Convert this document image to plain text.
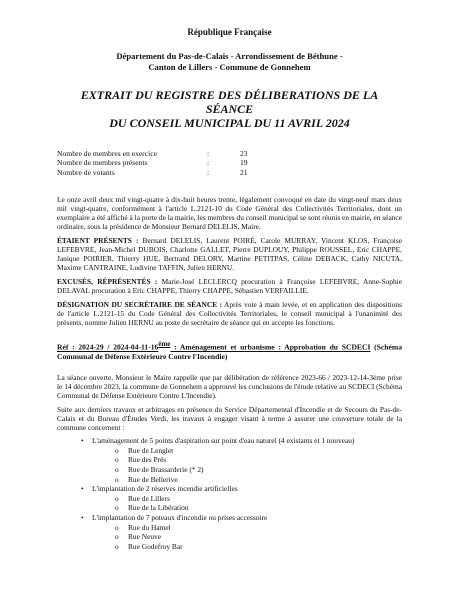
République Française
Département du Pas-de-Calais - Arrondissement de Béthune -
Canton de Lillers - Commune de Gonnehem
EXTRAIT DU REGISTRE DES DÉLIBERATIONS DE LA SÉANCE
DU CONSEIL MUNICIPAL DU 11 AVRIL 2024
Nombre de membres en exercice	:	23
Nombre de membres présents	:	19
Nombre de votants	:	21
Le onze avril deux mil vingt-quatre à dix-huit heures trente, légalement convoqué en date du vingt-neuf mars deux mil vingt-quatre, conformément à l'article L.2121-10 du Code Général des Collectivités Territoriales, dont un exemplaire a été affiché à la porte de la mairie, les membres du conseil municipal se sont réunis en mairie, en séance ordinaire, sous la présidence de Monsieur Bernard DELELIS, Maire.
ÉTAIENT PRÉSENTS : Bernard DELELIS, Laurent POIRÉ, Carole MURRAY, Vincent KLOS, Françoise LEFEBVRE, Jean-Michel DUBOIS, Charlotte GALLET, Pierre DUPLOUY, Philippe ROUSSEL, Eric CHAPPE, Janique POIRIER, Thierry HUE, Bertrand DELORY, Martine PETITPAS, Céline DEBACK, Cathy NICUTA, Maxime CANTRAINE, Ludivine TAFFIN, Julien HERNU.
EXCUSÉS, RÉPRÉSENTÉS : Marie-José LECLERCQ procuration à Françoise LEFEBVRE, Anne-Sophie DELAVAL procuration à Eric CHAPPE, Thierry CHAPPE, Sébastien VERFAILLIE.
DÉSIGNATION DU SECRÉTAIRE DE SÉANCE : Après vote à main levée, et en application des dispositions de l'article L.2121-15 du Code Général des Collectivités Territoriales, le conseil municipal à l'unanimité des présents, nomme Julien HERNU au poste de secrétaire de séance qui en accepte les fonctions.
Réf : 2024-29 / 2024-04-11-16ème : Aménagement et urbanisme : Approbation du SCDECI (Schéma Communal de Défense Extérieure Contre l'Incendie)
La séance ouverte, Monsieur le Maire rappelle que par délibération de référence 2023-66 / 2023-12-14-3ème prise le 14 décembre 2023, la commune de Gonnehem a approuvé les conclusions de l'étude relative au SCDECI (Schéma Communal de Défense Extérieure Contre L'Incendie).
Suite aux derniers travaux et arbitrages en présence du Service Départemental d'Incendie et de Secours du Pas-de-Calais et du Bureau d'Études Verdi, les travaux à engager visant à terme à assurer une couverture totale de la commune concernent :
• L'aménagement de 5 points d'aspiration sur point d'eau naturel (4 existants et 1 nouveau)
o Rue de Lenglet
o Rue des Prés
o Rue de Brassarderie (* 2)
o Rue de Bellerive
• L'implantation de 2 réserves incendie artificielles
o Rue de Lillers
o Rue de la Libération
• L'implantation de 7 poteaux d'incendie ou prises accessoire
o Rue du Hamel
o Rue Neuve
o Rue Godefroy Bar
